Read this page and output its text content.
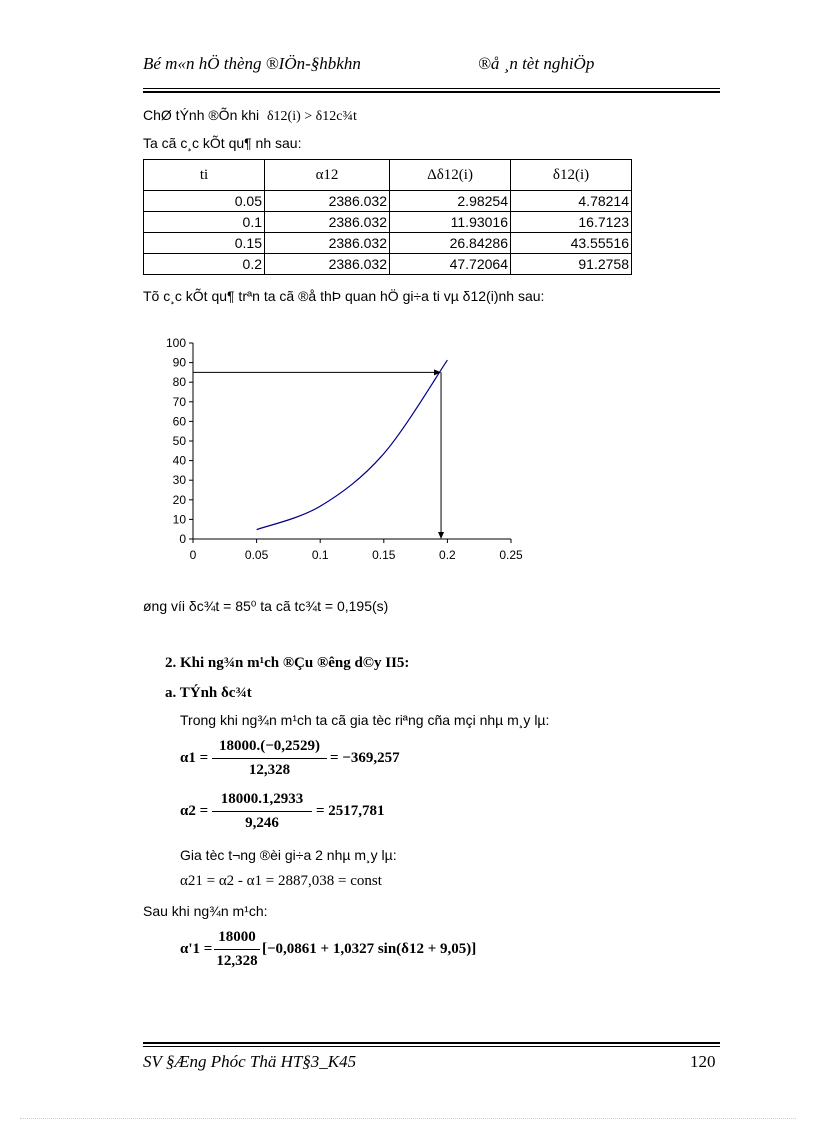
Bé m«n hÖ thèng ®IÖn-§hbkhn	®å ¸n tèt nghiÖp
ChØ tÝnh ®Õn khi δ12(i) > δ12c¾t
Ta cã c¸c kÕt qu¶ nh sau:
ti	α12	Δδ12(i)	δ12(i)
0.05	2386.032	2.98254	4.78214
0.1	2386.032	11.93016	16.7123
0.15	2386.032	26.84286	43.55516
0.2	2386.032	47.72064	91.2758
Tõ c¸c kÕt qu¶ trªn ta cã ®å thÞ quan hÖ gi÷a ti vµ δ12(i)nh sau:
0
10
20
30
40
50
60
70
80
90
100
0	0.05	0.1	0.15	0.2	0.25
øng víi δc¾t = 85⁰ ta cã tc¾t = 0,195(s)
2. Khi ng¾n m¹ch ®Çu ®êng d©y II5:
a. TÝnh δc¾t
Trong khi ng¾n m¹ch ta cã gia tèc riªng cña mçi nhµ m¸y lµ:
α1 =
18000.(−0,2529)
12,328
= −369,257
α2 =
18000.1,2933
9,246
= 2517,781
Gia tèc t¬ng ®èi gi÷a 2 nhµ m¸y lµ:
α21 = α2 - α1 = 2887,038 = const
Sau khi ng¾n m¹ch:
α'1 =
18000
12,328
[−0,0861 + 1,0327 sin(δ12 + 9,05)]
SV §Æng Phóc Thä HT§3_K45	120
